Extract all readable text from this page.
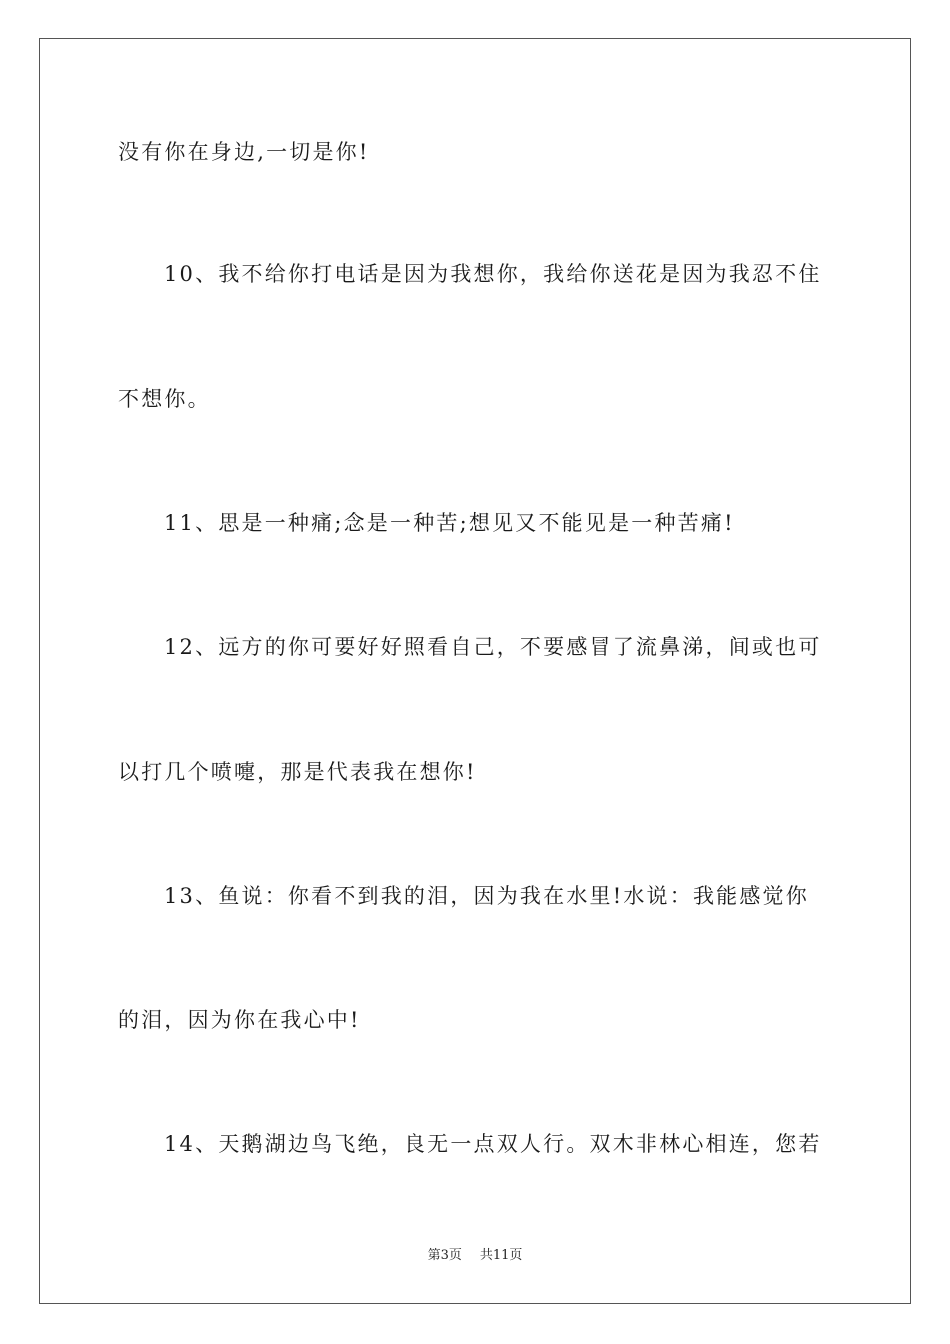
没有你在身边,一切是你!
10、我不给你打电话是因为我想你，我给你送花是因为我忍不住
不想你。
11、思是一种痛;念是一种苦;想见又不能见是一种苦痛!
12、远方的你可要好好照看自己，不要感冒了流鼻涕，间或也可
以打几个喷嚏，那是代表我在想你!
13、鱼说：你看不到我的泪，因为我在水里!水说：我能感觉你
的泪，因为你在我心中!
14、天鹅湖边鸟飞绝，良无一点双人行。双木非林心相连，您若
第3页 共11页
